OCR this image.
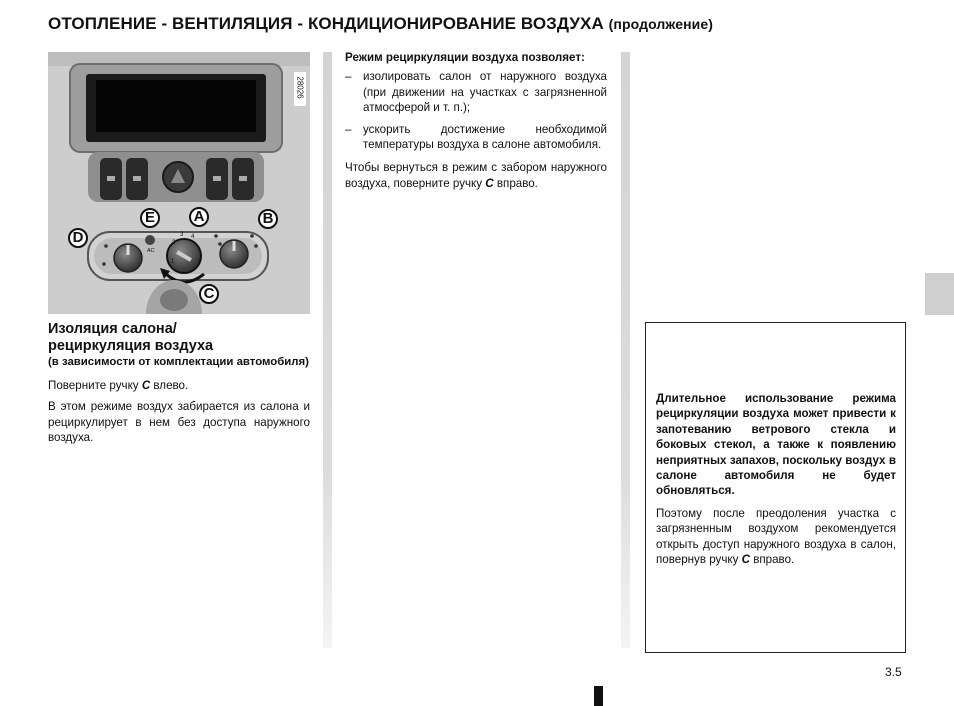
ОТОПЛЕНИЕ - ВЕНТИЛЯЦИЯ - КОНДИЦИОНИРОВАНИЕ ВОЗДУХА (продолжение)
28026
1
2
3 4
AC
E	A	B
D
C

Изоляция салона/

рециркуляция воздуха

(в зависимости от комплектации автомобиля)

Поверните ручку C влево.

В этом режиме воздух забирается из салона и рециркулирует в нем без доступа наружного воздуха.

Режим рециркуляции воздуха позволяет:

– изолировать салон от наружного воздуха (при движении на участках с загрязненной атмосферой и т. п.);
– ускорить достижение необходимой температуры воздуха в салоне автомобиля.

Чтобы вернуться в режим с забором наружного воздуха, поверните ручку C вправо.

Длительное использование режима рециркуляции воздуха может привести к запотеванию ветрового стекла и боковых стекол, а также к появлению неприятных запахов, поскольку воздух в салоне автомобиля не будет обновляться.

Поэтому после преодоления участка с загрязненным воздухом рекомендуется открыть доступ наружного воздуха в салон, повернув ручку C вправо.

3.5
